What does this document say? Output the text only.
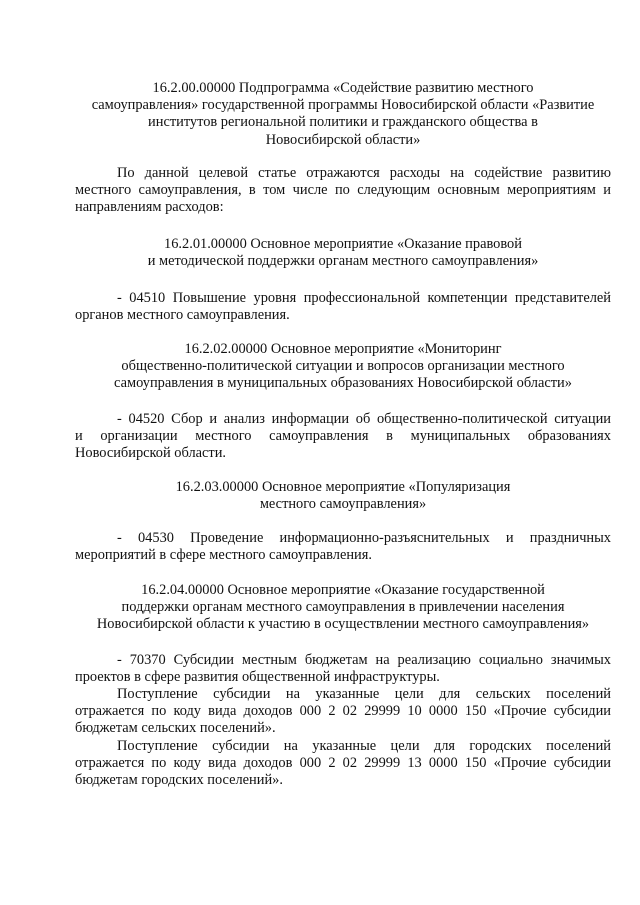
16.2.00.00000 Подпрограмма «Содействие развитию местного
самоуправления» государственной программы Новосибирской области «Развитие
институтов региональной политики и гражданского общества в
Новосибирской области»
По данной целевой статье отражаются расходы на содействие развитию
местного самоуправления, в том числе по следующим основным мероприятиям и
направлениям расходов:
16.2.01.00000 Основное мероприятие «Оказание правовой
и методической поддержки органам местного самоуправления»
- 04510 Повышение уровня профессиональной компетенции представителей
органов местного самоуправления.
16.2.02.00000 Основное мероприятие «Мониторинг
общественно-политической ситуации и вопросов организации местного
самоуправления в муниципальных образованиях Новосибирской области»
- 04520 Сбор и анализ информации об общественно-политической ситуации
и организации местного самоуправления в муниципальных образованиях
Новосибирской области.
16.2.03.00000 Основное мероприятие «Популяризация
местного самоуправления»
- 04530 Проведение информационно-разъяснительных и праздничных
мероприятий в сфере местного самоуправления.
16.2.04.00000 Основное мероприятие «Оказание государственной
поддержки органам местного самоуправления в привлечении населения
Новосибирской области к участию в осуществлении местного самоуправления»
- 70370 Субсидии местным бюджетам на реализацию социально значимых
проектов в сфере развития общественной инфраструктуры.
Поступление субсидии на указанные цели для сельских поселений
отражается по коду вида доходов 000 2 02 29999 10 0000 150 «Прочие субсидии
бюджетам сельских поселений».
Поступление субсидии на указанные цели для городских поселений
отражается по коду вида доходов 000 2 02 29999 13 0000 150 «Прочие субсидии
бюджетам городских поселений».
